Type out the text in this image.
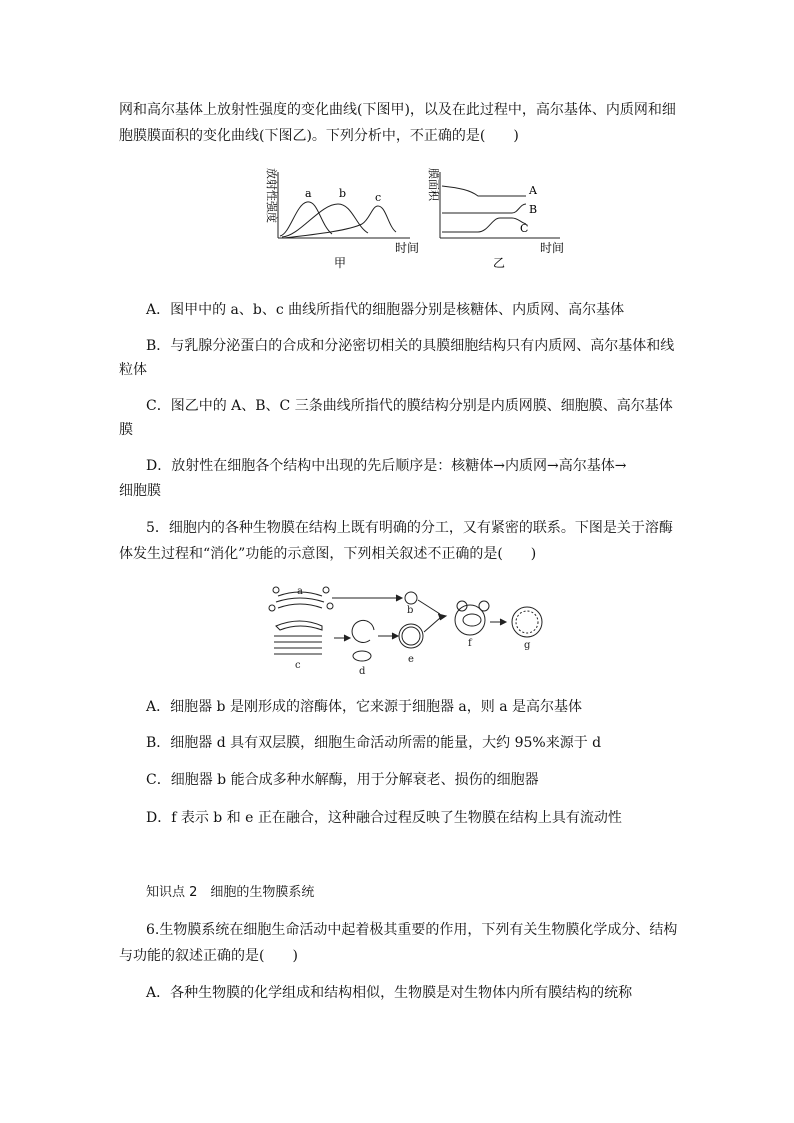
网和高尔基体上放射性强度的变化曲线(下图甲)，以及在此过程中，高尔基体、内质网和细
胞膜膜面积的变化曲线(下图乙)。下列分析中，不正确的是(　　)
放射性强度
时间
甲
a b	c	膜面积
时间
乙
A
B
C
A．图甲中的 a、b、c 曲线所指代的细胞器分别是核糖体、内质网、高尔基体
B．与乳腺分泌蛋白的合成和分泌密切相关的具膜细胞结构只有内质网、高尔基体和线
粒体
C．图乙中的 A、B、C 三条曲线所指代的膜结构分别是内质网膜、细胞膜、高尔基体
膜
D．放射性在细胞各个结构中出现的先后顺序是：核糖体→内质网→高尔基体→
细胞膜
5．细胞内的各种生物膜在结构上既有明确的分工，又有紧密的联系。下图是关于溶酶
体发生过程和“消化”功能的示意图，下列相关叙述不正确的是(　　)
a
b
c
d
e
f	g
A．细胞器 b 是刚形成的溶酶体，它来源于细胞器 a，则 a 是高尔基体
B．细胞器 d 具有双层膜，细胞生命活动所需的能量，大约 95%来源于 d
C．细胞器 b 能合成多种水解酶，用于分解衰老、损伤的细胞器
D．f 表示 b 和 e 正在融合，这种融合过程反映了生物膜在结构上具有流动性
知识点 2　细胞的生物膜系统
6.生物膜系统在细胞生命活动中起着极其重要的作用，下列有关生物膜化学成分、结构
与功能的叙述正确的是(　　)
A．各种生物膜的化学组成和结构相似，生物膜是对生物体内所有膜结构的统称
